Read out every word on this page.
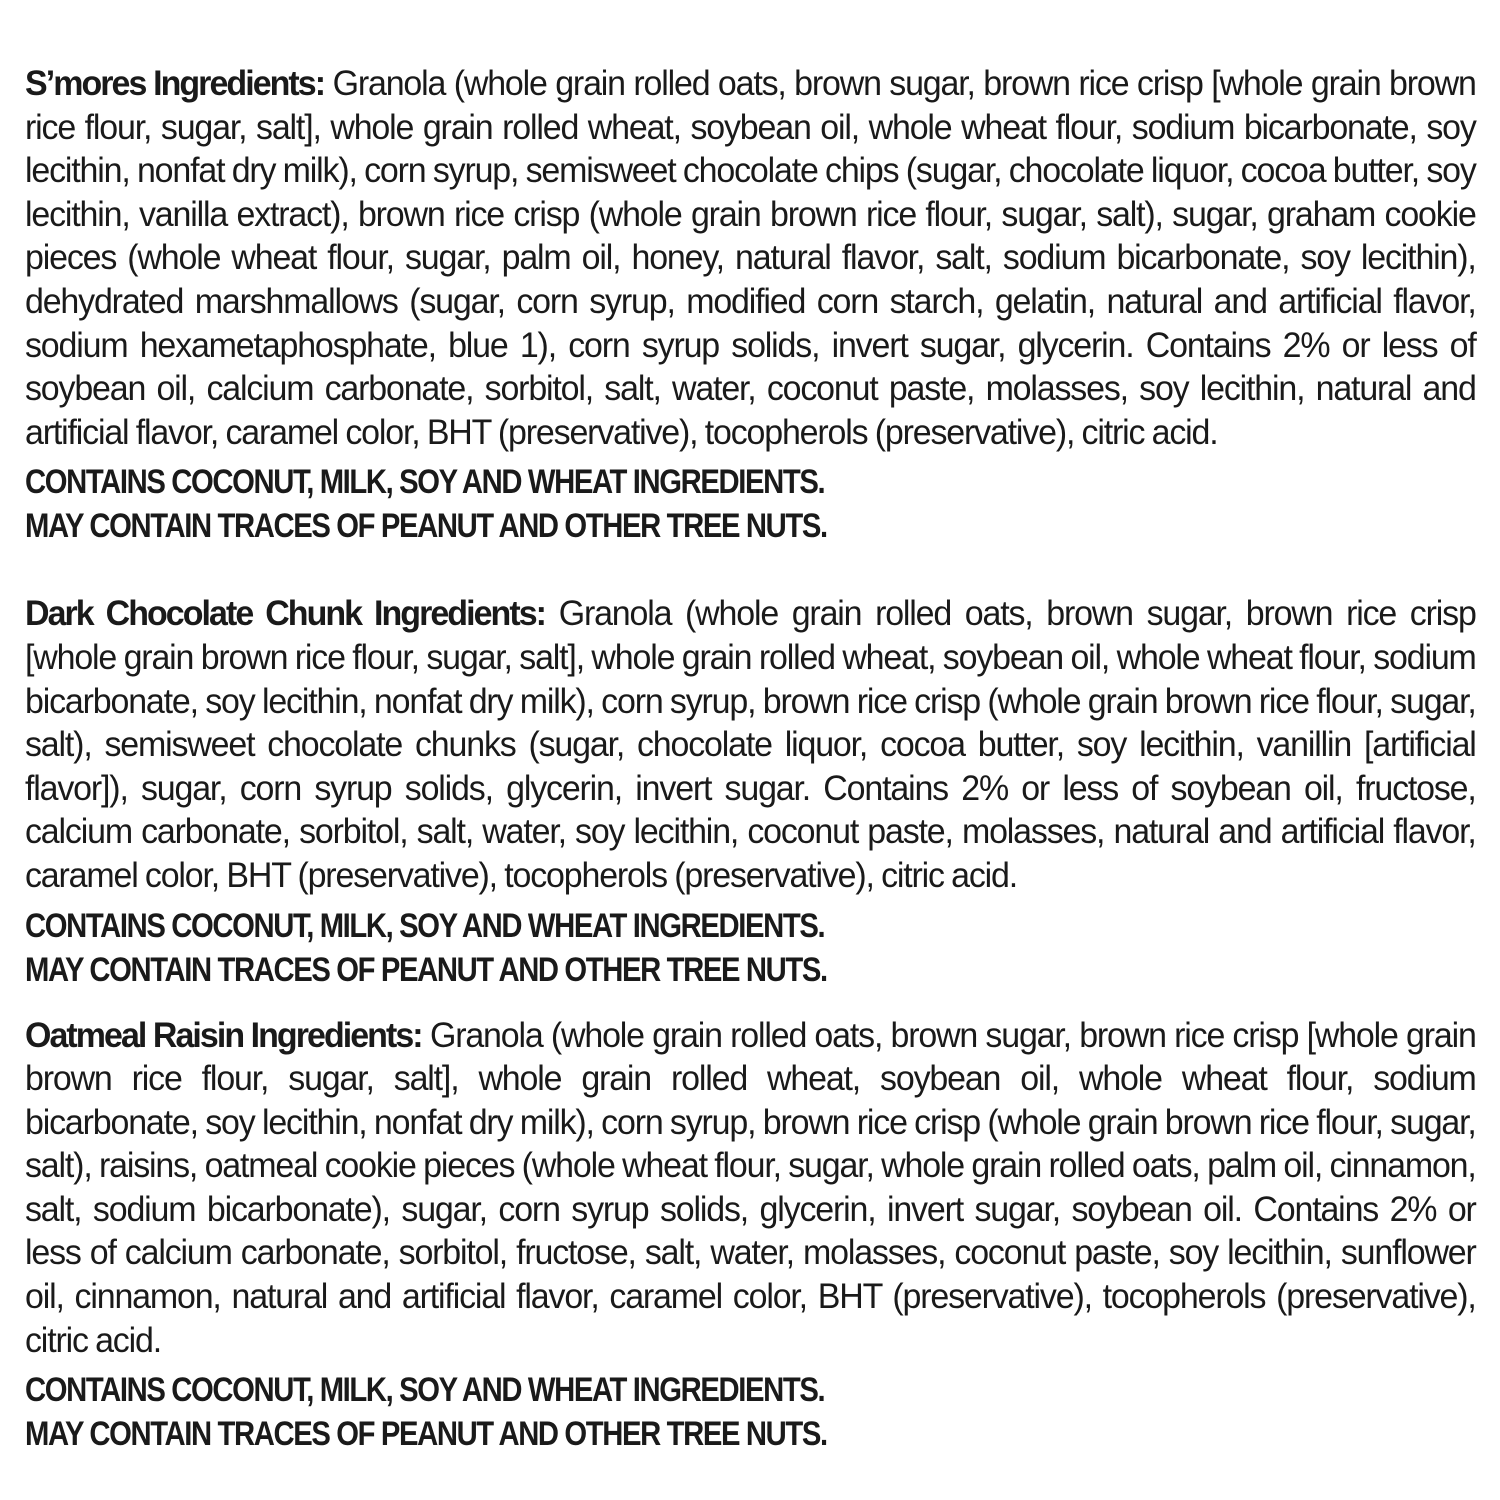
S’mores Ingredients: Granola (whole grain rolled oats, brown sugar, brown rice crisp [whole grain brown rice flour, sugar, salt], whole grain rolled wheat, soybean oil, whole wheat flour, sodium bicarbonate, soy lecithin, nonfat dry milk), corn syrup, semisweet chocolate chips (sugar, chocolate liquor, cocoa butter, soy lecithin, vanilla extract), brown rice crisp (whole grain brown rice flour, sugar, salt), sugar, graham cookie pieces (whole wheat flour, sugar, palm oil, honey, natural flavor, salt, sodium bicarbonate, soy lecithin), dehydrated marshmallows (sugar, corn syrup, modified corn starch, gelatin, natural and artificial flavor, sodium hexametaphosphate, blue 1), corn syrup solids, invert sugar, glycerin. Contains 2% or less of soybean oil, calcium carbonate, sorbitol, salt, water, coconut paste, molasses, soy lecithin, natural and artificial flavor, caramel color, BHT (preservative), tocopherols (preservative), citric acid.

CONTAINS COCONUT, MILK, SOY AND WHEAT INGREDIENTS.

MAY CONTAIN TRACES OF PEANUT AND OTHER TREE NUTS.

Dark Chocolate Chunk Ingredients: Granola (whole grain rolled oats, brown sugar, brown rice crisp [whole grain brown rice flour, sugar, salt], whole grain rolled wheat, soybean oil, whole wheat flour, sodium bicarbonate, soy lecithin, nonfat dry milk), corn syrup, brown rice crisp (whole grain brown rice flour, sugar, salt), semisweet chocolate chunks (sugar, chocolate liquor, cocoa butter, soy lecithin, vanillin [artificial flavor]), sugar, corn syrup solids, glycerin, invert sugar. Contains 2% or less of soybean oil, fructose, calcium carbonate, sorbitol, salt, water, soy lecithin, coconut paste, molasses, natural and artificial flavor, caramel color, BHT (preservative), tocopherols (preservative), citric acid.

CONTAINS COCONUT, MILK, SOY AND WHEAT INGREDIENTS.

MAY CONTAIN TRACES OF PEANUT AND OTHER TREE NUTS.

Oatmeal Raisin Ingredients: Granola (whole grain rolled oats, brown sugar, brown rice crisp [whole grain brown rice flour, sugar, salt], whole grain rolled wheat, soybean oil, whole wheat flour, sodium bicarbonate, soy lecithin, nonfat dry milk), corn syrup, brown rice crisp (whole grain brown rice flour, sugar, salt), raisins, oatmeal cookie pieces (whole wheat flour, sugar, whole grain rolled oats, palm oil, cinnamon, salt, sodium bicarbonate), sugar, corn syrup solids, glycerin, invert sugar, soybean oil. Contains 2% or less of calcium carbonate, sorbitol, fructose, salt, water, molasses, coconut paste, soy lecithin, sunflower oil, cinnamon, natural and artificial flavor, caramel color, BHT (preservative), tocopherols (preservative), citric acid.

CONTAINS COCONUT, MILK, SOY AND WHEAT INGREDIENTS.

MAY CONTAIN TRACES OF PEANUT AND OTHER TREE NUTS.
